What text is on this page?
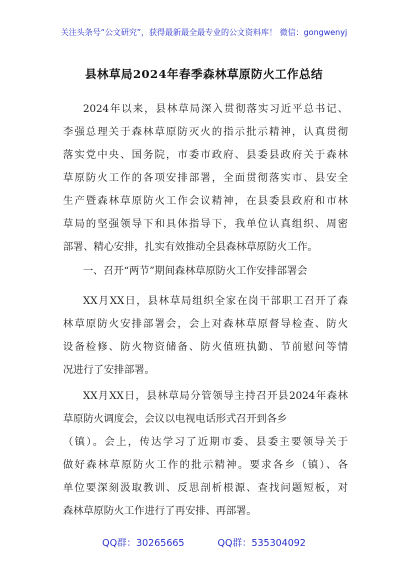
关注头条号“公文研究”，获得最新最全最专业的公文资料库！ 微信：gongwenyj
县林草局2024年春季森林草原防火工作总结
2024年以来，县林草局深入贯彻落实习近平总书记、
李强总理关于森林草原防灭火的指示批示精神，认真贯彻
落实党中央、国务院，市委市政府、县委县政府关于森林
草原防火工作的各项安排部署，全面贯彻落实市、县安全
生产暨森林草原防火工作会议精神，在县委县政府和市林
草局的坚强领导下和具体指导下，我单位认真组织、周密
部署、精心安排，扎实有效推动全县森林草原防火工作。
一、召开“两节”期间森林草原防火工作安排部署会
XX月XX日，县林草局组织全家在岗干部职工召开了森
林草原防火安排部署会，会上对森林草原督导检查、防火
设备检修、防火物资储备、防火值班执勤、节前慰问等情
况进行了安排部署。
XX月XX日，县林草局分管领导主持召开县2024年森林
草原防火调度会，会议以电视电话形式召开到各乡
（镇）。会上，传达学习了近期市委、县委主要领导关于
做好森林草原防火工作的批示精神。要求各乡（镇）、各
单位要深刻汲取教训、反思剖析根源、查找问题短板，对
森林草原防火工作进行了再安排、再部署。
QQ群：30265665	QQ群：535304092
